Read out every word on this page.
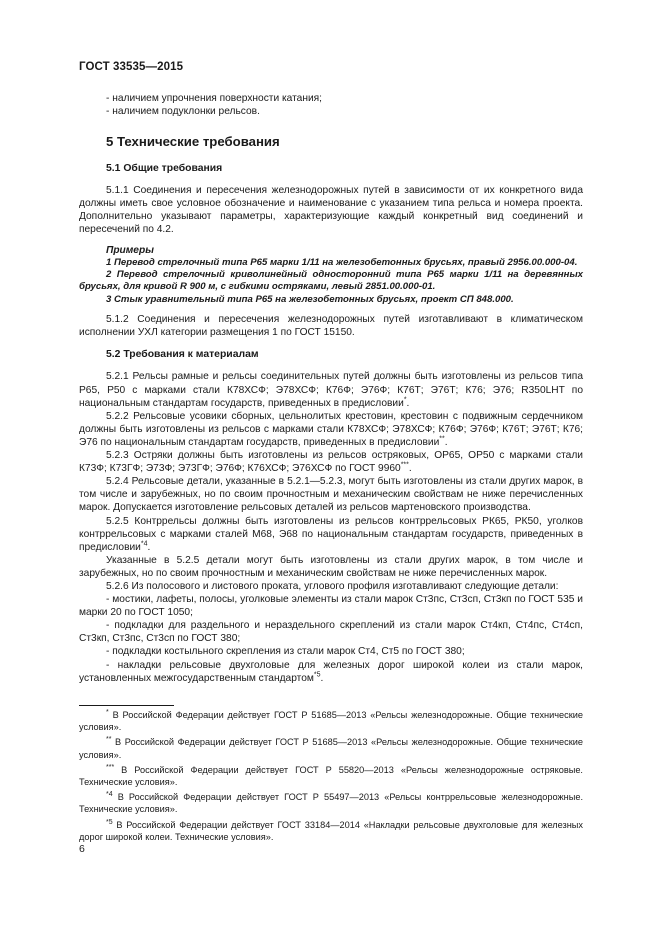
ГОСТ 33535—2015

- наличием упрочнения поверхности катания;

- наличием подуклонки рельсов.

5 Технические требования
5.1 Общие требования

5.1.1 Соединения и пересечения железнодорожных путей в зависимости от их конкретного вида должны иметь свое условное обозначение и наименование с указанием типа рельса и номера проекта. Дополнительно указывают параметры, характеризующие каждый конкретный вид соединений и пересечений по 4.2.

Примеры

1 Перевод стрелочный типа Р65 марки 1/11 на железобетонных брусьях, правый 2956.00.000-04.

2 Перевод стрелочный криволинейный односторонний типа Р65 марки 1/11 на деревянных брусьях, для кривой R 900 м, с гибкими остряками, левый 2851.00.000-01.

3 Стык уравнительный типа Р65 на железобетонных брусьях, проект СП 848.000.

5.1.2 Соединения и пересечения железнодорожных путей изготавливают в климатическом исполнении УХЛ категории размещения 1 по ГОСТ 15150.

5.2 Требования к материалам

5.2.1 Рельсы рамные и рельсы соединительных путей должны быть изготовлены из рельсов типа Р65, Р50 с марками стали К78ХСФ; Э78ХСФ; К76Ф; Э76Ф; К76Т; Э76Т; К76; Э76; R350LHT по национальным стандартам государств, приведенных в предисловии*.

5.2.2 Рельсовые усовики сборных, цельнолитых крестовин, крестовин с подвижным сердечником должны быть изготовлены из рельсов с марками стали К78ХСФ; Э78ХСФ; К76Ф; Э76Ф; К76Т; Э76Т; К76; Э76 по национальным стандартам государств, приведенных в предисловии**.

5.2.3 Остряки должны быть изготовлены из рельсов остряковых, ОР65, ОР50 с марками стали К73Ф; К73ГФ; Э73Ф; Э73ГФ; Э76Ф; К76ХСФ; Э76ХСФ по ГОСТ 9960***.

5.2.4 Рельсовые детали, указанные в 5.2.1—5.2.3, могут быть изготовлены из стали других марок, в том числе и зарубежных, но по своим прочностным и механическим свойствам не ниже перечисленных марок. Допускается изготовление рельсовых деталей из рельсов мартеновского производства.

5.2.5 Контррельсы должны быть изготовлены из рельсов контррельсовых РК65, РК50, уголков контррельсовых с марками сталей М68, Э68 по национальным стандартам государств, приведенных в предисловии$^{*4}$.

Указанные в 5.2.5 детали могут быть изготовлены из стали других марок, в том числе и зарубежных, но по своим прочностным и механическим свойствам не ниже перечисленных марок.

5.2.6 Из полосового и листового проката, углового профиля изготавливают следующие детали:

- мостики, лафеты, полосы, уголковые элементы из стали марок Ст3пс, Ст3сп, Ст3кп по ГОСТ 535 и марки 20 по ГОСТ 1050;

- подкладки для раздельного и нераздельного скреплений из стали марок Ст4кп, Ст4пс, Ст4сп, Ст3кп, Ст3пс, Ст3сп по ГОСТ 380;

- подкладки костыльного скрепления из стали марок Ст4, Ст5 по ГОСТ 380;

- накладки рельсовые двухголовые для железных дорог широкой колеи из стали марок, установленных межгосударственным стандартом$^{*5}$.

* В Российской Федерации действует ГОСТ Р 51685—2013 «Рельсы железнодорожные. Общие технические условия».

** В Российской Федерации действует ГОСТ Р 51685—2013 «Рельсы железнодорожные. Общие технические условия».

*** В Российской Федерации действует ГОСТ Р 55820—2013 «Рельсы железнодорожные остряковые. Технические условия».

$^{*4}$ В Российской Федерации действует ГОСТ Р 55497—2013 «Рельсы контррельсовые железнодорожные. Технические условия».

$^{*5}$ В Российской Федерации действует ГОСТ 33184—2014 «Накладки рельсовые двухголовые для железных дорог широкой колеи. Технические условия».

6
